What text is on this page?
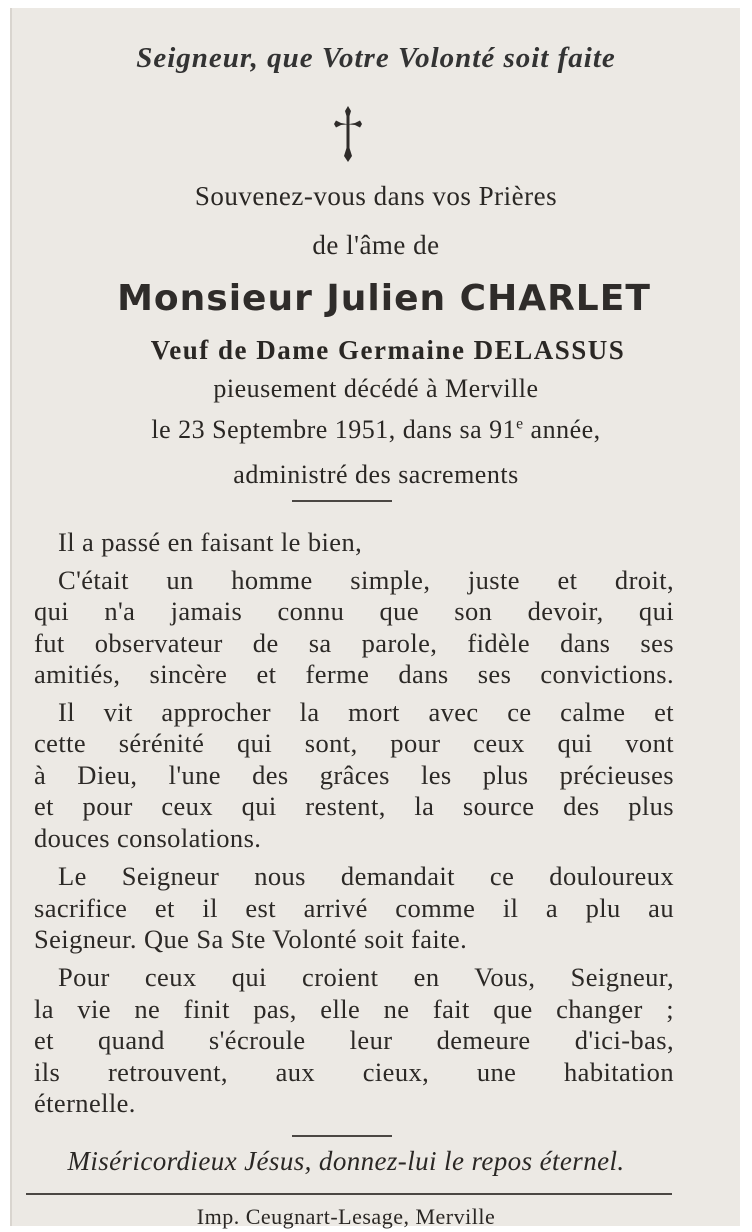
Seigneur, que Votre Volonté soit faite
Souvenez-vous dans vos Prières
de l'âme de
Monsieur Julien CHARLET
Veuf de Dame Germaine DELASSUS
pieusement décédé à Merville
le 23 Septembre 1951, dans sa 91e année,
administré des sacrements
Il a passé en faisant le bien,
C'était un homme simple, juste et droit,
qui n'a jamais connu que son devoir, qui
fut observateur de sa parole, fidèle dans ses
amitiés, sincère et ferme dans ses convictions.
Il vit approcher la mort avec ce calme et
cette sérénité qui sont, pour ceux qui vont
à Dieu, l'une des grâces les plus précieuses
et pour ceux qui restent, la source des plus
douces consolations.
Le Seigneur nous demandait ce douloureux
sacrifice et il est arrivé comme il a plu au
Seigneur. Que Sa Ste Volonté soit faite.
Pour ceux qui croient en Vous, Seigneur,
la vie ne finit pas, elle ne fait que changer ;
et quand s'écroule leur demeure d'ici-bas,
ils retrouvent, aux cieux, une habitation
éternelle.
Miséricordieux Jésus, donnez-lui le repos éternel.
Imp. Ceugnart-Lesage, Merville
